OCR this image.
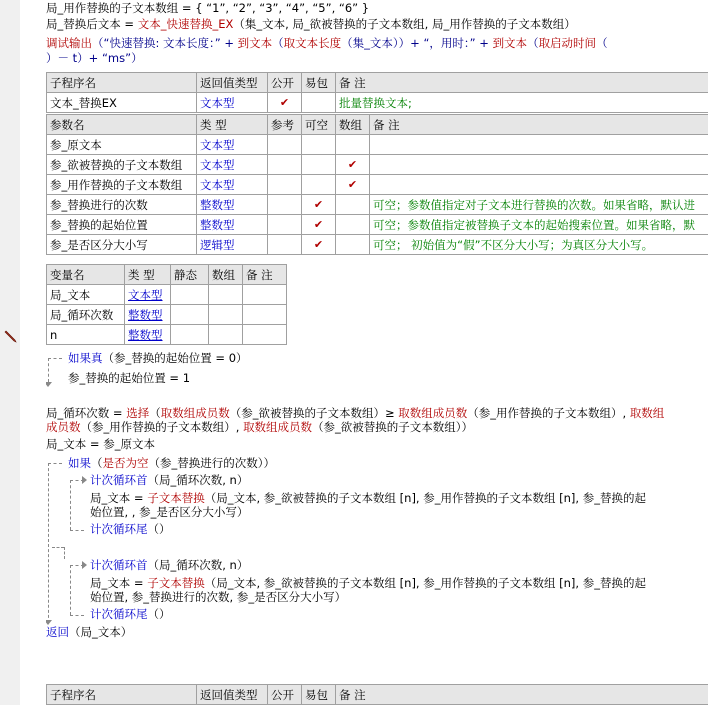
局_用作替换的子文本数组 = { “1”, “2”, “3”, “4”, “5”, “6” }
局_替换后文本 = 文本_快速替换_EX（集_文本, 局_欲被替换的子文本数组, 局_用作替换的子文本数组）
调试输出（“快速替换: 文本长度：” + 到文本（取文本长度（集_文本））+ “，用时：” + 到文本（取启动时间（
）－ t）+ “ms”）
子程序名	返回值类型	公开	易包	备 注
文本_替换EX	文本型	✔		批量替换文本;
参数名	类 型	参考	可空	数组	备 注
参_原文本	文本型				
参_欲被替换的子文本数组	文本型			✔	
参_用作替换的子文本数组	文本型			✔	
参_替换进行的次数	整数型		✔		可空；参数值指定对子文本进行替换的次数。如果省略，默认进
参_替换的起始位置	整数型		✔		可空；参数值指定被替换子文本的起始搜索位置。如果省略，默
参_是否区分大小写	逻辑型		✔		可空； 初始值为“假”不区分大小写；为真区分大小写。
变量名	类 型	静态	数组	备 注
局_文本	文本型			
局_循环次数	整数型			
n	整数型			
如果真（参_替换的起始位置 = 0）
参_替换的起始位置 = 1
局_循环次数 = 选择（取数组成员数（参_欲被替换的子文本数组）≥ 取数组成员数（参_用作替换的子文本数组）, 取数组
成员数（参_用作替换的子文本数组）, 取数组成员数（参_欲被替换的子文本数组））
局_文本 = 参_原文本
如果（是否为空（参_替换进行的次数））
计次循环首（局_循环次数, n）
局_文本 = 子文本替换（局_文本, 参_欲被替换的子文本数组 [n], 参_用作替换的子文本数组 [n], 参_替换的起
始位置, , 参_是否区分大小写）
计次循环尾（）
计次循环首（局_循环次数, n）
局_文本 = 子文本替换（局_文本, 参_欲被替换的子文本数组 [n], 参_用作替换的子文本数组 [n], 参_替换的起
始位置, 参_替换进行的次数, 参_是否区分大小写）
计次循环尾（）
返回（局_文本）
子程序名	返回值类型	公开	易包	备 注
